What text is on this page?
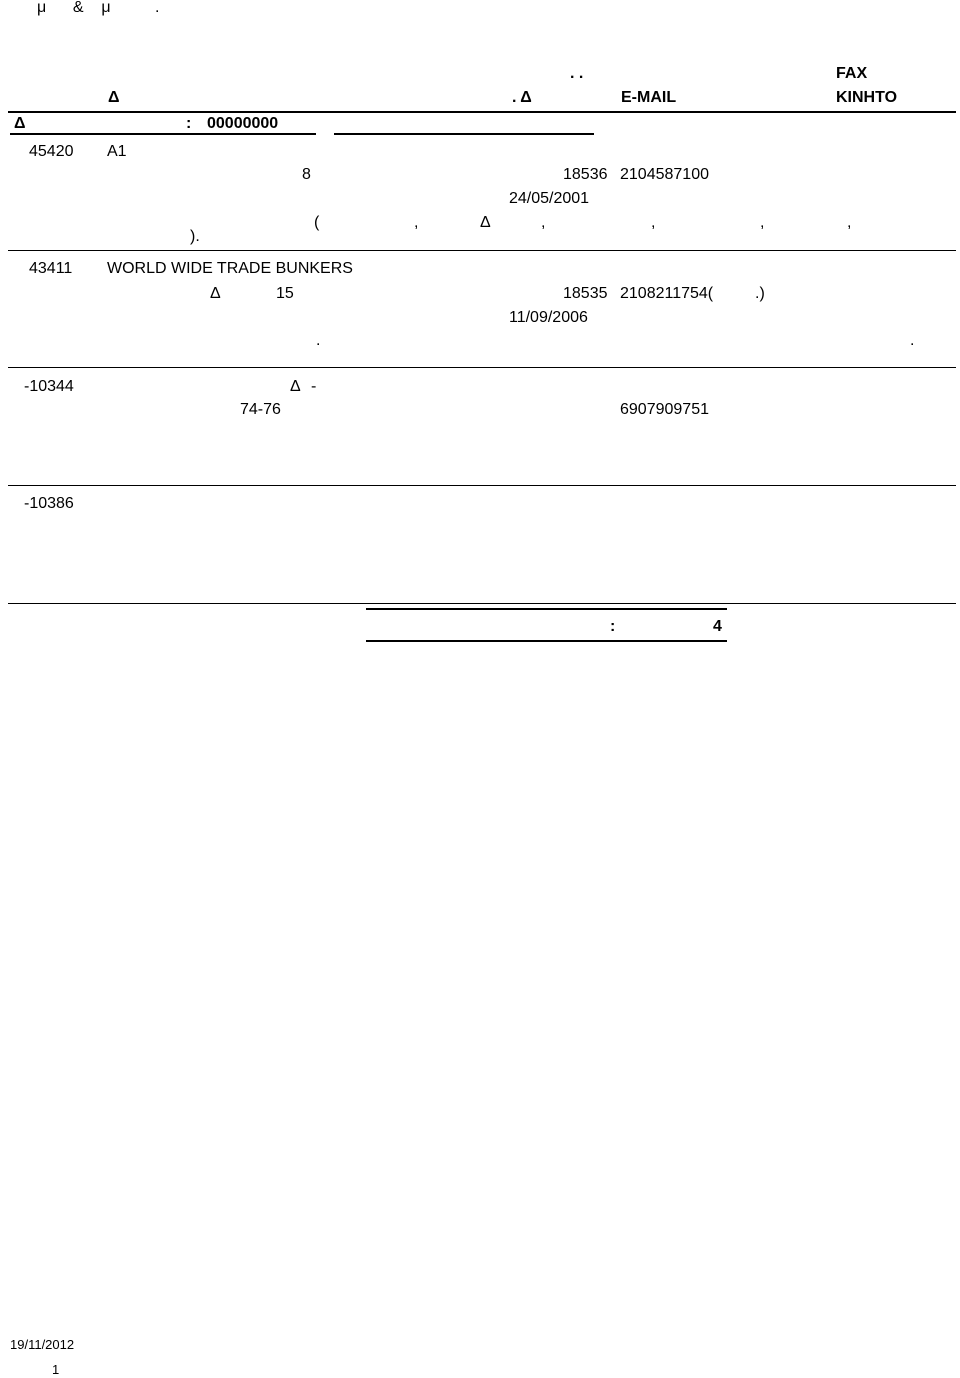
μ      &    μ          .
. .	FAX
Δ	. Δ	E-MAIL	ΚΙΝΗΤΟ
Δ	: 00000000
45420 A1
8	18536 2104587100
24/05/2001
(	,	Δ	,	,	,	,
).
43411 WORLD WIDE TRADE BUNKERS
Δ	15	18535 2108211754(	.)
11/09/2006
.	.
-10344	Δ -
74-76	6907909751
-10386
:	4
19/11/2012
1
